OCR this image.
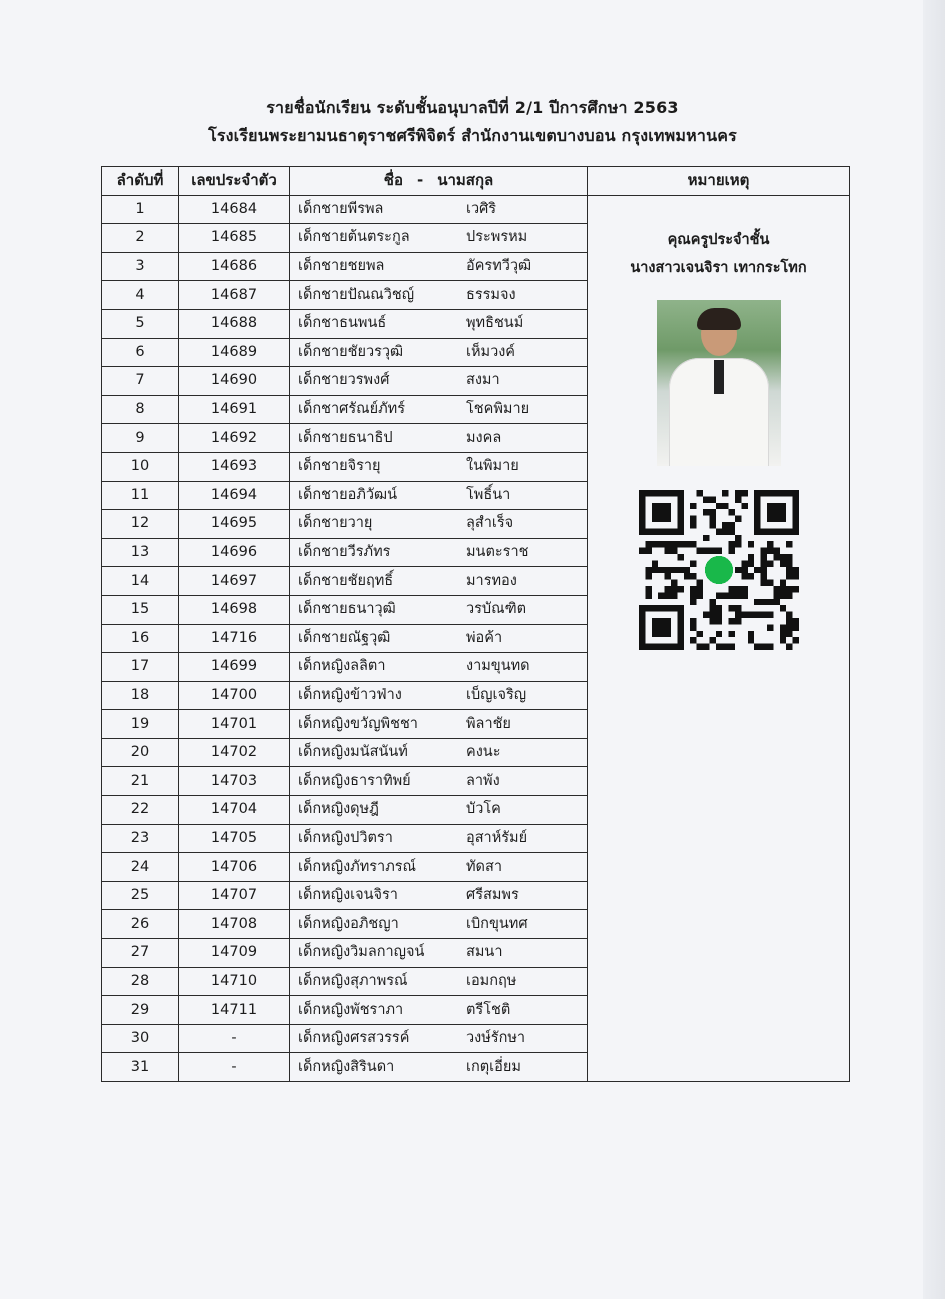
รายชื่อนักเรียน ระดับชั้นอนุบาลปีที่ 2/1 ปีการศึกษา 2563
โรงเรียนพระยามนธาตุราชศรีพิจิตร์ สำนักงานเขตบางบอน กรุงเทพมหานคร
ลำดับที่	เลขประจำตัว	ชื่อ - นามสกุล	หมายเหตุ
1	14684	เด็กชายพีรพล เวศิริ	คุณครูประจำชั้น
นางสาวเจนจิรา เทากระโทก

2	14685	เด็กชายต้นตระกูล ประพรหม	
3	14686	เด็กชายชยพล อัครทวีวุฒิ	
4	14687	เด็กชายปัณณวิชญ์ ธรรมจง	
5	14688	เด็กชาธนพนธ์ พุทธิชนม์	
6	14689	เด็กชายชัยวรวุฒิ เห็มวงค์	
7	14690	เด็กชายวรพงศ์ สงมา	
8	14691	เด็กชาศรัณย์ภัทร์ โชคพิมาย	
9	14692	เด็กชายธนาธิป มงคล	
10	14693	เด็กชายจิรายุ ในพิมาย	
11	14694	เด็กชายอภิวัฒน์ โพธิ์นา	
12	14695	เด็กชายวายุ ลุสำเร็จ	
13	14696	เด็กชายวีรภัทร มนตะราช	
14	14697	เด็กชายชัยฤทธิ์ มารทอง	
15	14698	เด็กชายธนาวุฒิ วรบัณฑิต	
16	14716	เด็กชายณัฐวุฒิ พ่อค้า	
17	14699	เด็กหญิงลลิตา งามขุนทด	
18	14700	เด็กหญิงข้าวฟ่าง เบ็ญเจริญ	
19	14701	เด็กหญิงขวัญพิชชา พิลาชัย	
20	14702	เด็กหญิงมนัสนันท์ คงนะ	
21	14703	เด็กหญิงธาราทิพย์ ลาพัง	
22	14704	เด็กหญิงดุษฎี บัวโค	
23	14705	เด็กหญิงปวิตรา อุสาห์รัมย์	
24	14706	เด็กหญิงภัทราภรณ์ ทัดสา	
25	14707	เด็กหญิงเจนจิรา ศรีสมพร	
26	14708	เด็กหญิงอภิชญา เบิกขุนทศ	
27	14709	เด็กหญิงวิมลกาญจน์ สมนา	
28	14710	เด็กหญิงสุภาพรณ์ เอมกฤษ	
29	14711	เด็กหญิงพัชราภา ตรีโชติ	
30	-	เด็กหญิงศรสวรรค์ วงษ์รักษา	
31	-	เด็กหญิงสิรินดา เกตุเอี่ยม	
